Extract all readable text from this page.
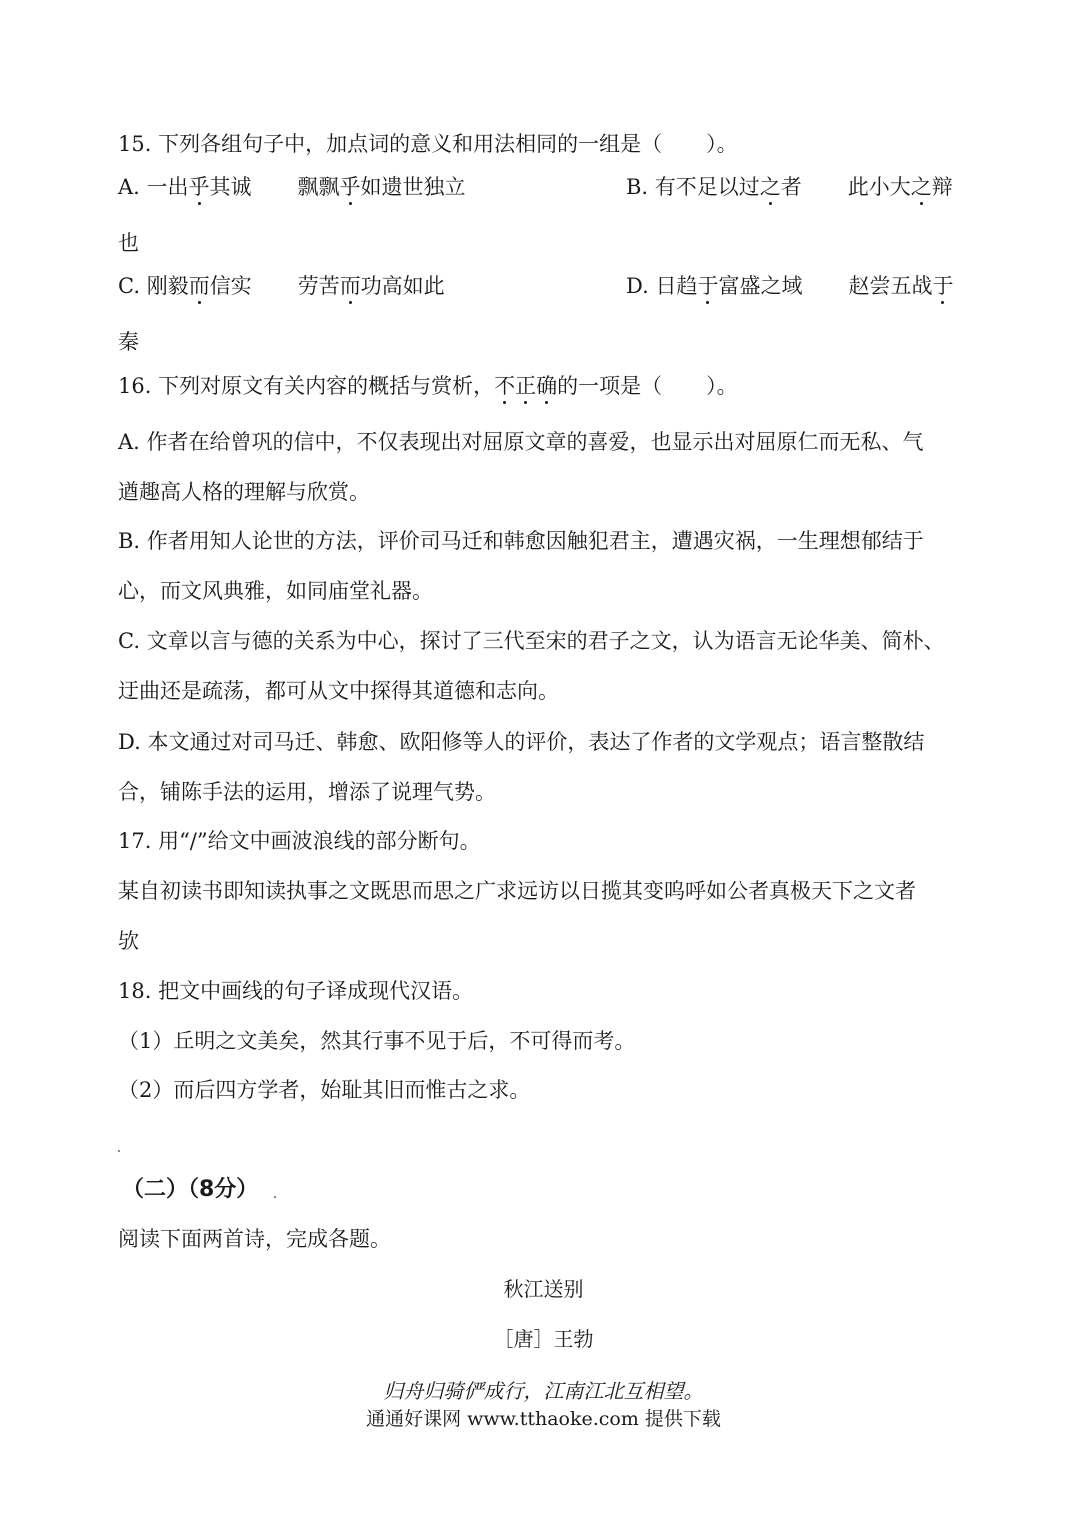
15. 下列各组句子中，加点词的意义和用法相同的一组是（ ）。
A. 一出乎其诚 飘飘乎如遗世独立	B. 有不足以过之者 此小大之辩
也
C. 刚毅而信实 劳苦而功高如此	D. 日趋于富盛之域 赵尝五战于
秦
16. 下列对原文有关内容的概括与赏析，不正确的一项是（ ）。
A. 作者在给曾巩的信中，不仅表现出对屈原文章的喜爱，也显示出对屈原仁而无私、气
遒趣高人格的理解与欣赏。
B. 作者用知人论世的方法，评价司马迁和韩愈因触犯君主，遭遇灾祸，一生理想郁结于
心，而文风典雅，如同庙堂礼器。
C. 文章以言与德的关系为中心，探讨了三代至宋的君子之文，认为语言无论华美、简朴、
迂曲还是疏荡，都可从文中探得其道德和志向。
D. 本文通过对司马迁、韩愈、欧阳修等人的评价，表达了作者的文学观点；语言整散结
合，铺陈手法的运用，增添了说理气势。
17. 用“/”给文中画波浪线的部分断句。
某自初读书即知读执事之文既思而思之广求远访以日揽其变呜呼如公者真极天下之文者
欤
18. 把文中画线的句子译成现代汉语。
（1）丘明之文美矣，然其行事不见于后，不可得而考。
（2）而后四方学者，始耻其旧而惟古之求。
（二）（8分）
阅读下面两首诗，完成各题。
秋江送别
［唐］王勃
归舟归骑俨成行，江南江北互相望。
通通好课网 www.tthaoke.com 提供下载
